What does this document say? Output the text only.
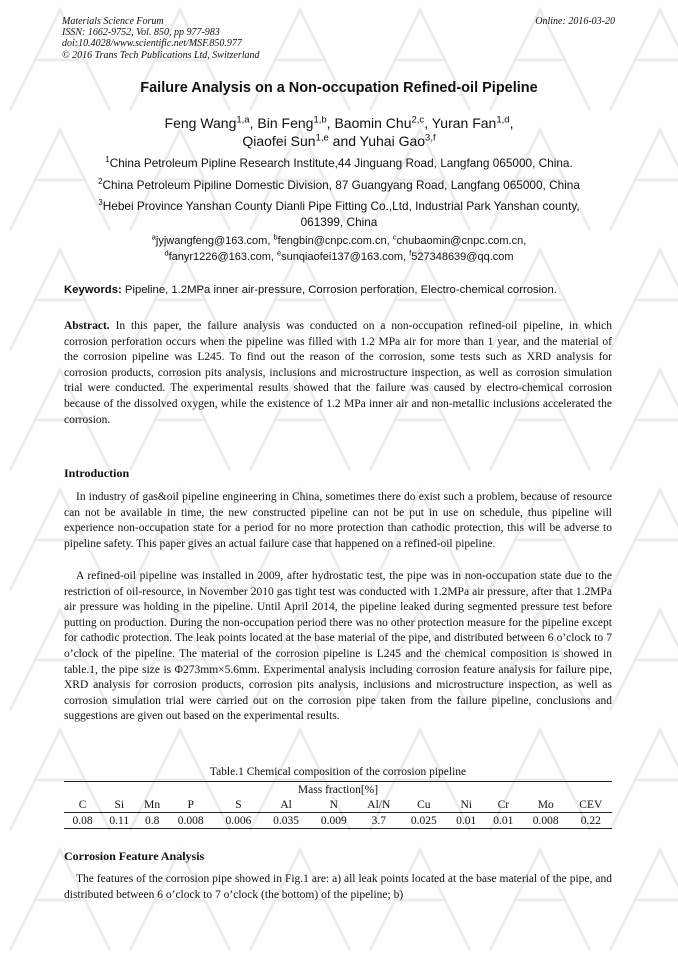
Materials Science Forum
ISSN: 1662-9752, Vol. 850, pp 977-983
doi:10.4028/www.scientific.net/MSF.850.977
© 2016 Trans Tech Publications Ltd, Switzerland
Online: 2016-03-20
Failure Analysis on a Non-occupation Refined-oil Pipeline
Feng Wang$^{1,a}$, Bin Feng$^{1,b}$, Baomin Chu$^{2,c}$, Yuran Fan$^{1,d}$,
Qiaofei Sun$^{1,e}$ and Yuhai Gao$^{3,f}$
$^1$China Petroleum Pipline Research Institute,44 Jinguang Road, Langfang 065000, China.
$^2$China Petroleum Pipiline Domestic Division, 87 Guangyang Road, Langfang 065000, China
$^3$Hebei Province Yanshan County Dianli Pipe Fitting Co.,Ltd, Industrial Park Yanshan county, 061399, China
$^a$jyjwangfeng@163.com, $^b$fengbin@cnpc.com.cn, $^c$chubaomin@cnpc.com.cn,
$^d$fanyr1226@163.com, $^e$sunqiaofei137@163.com, $^f$527348639@qq.com
Keywords: Pipeline, 1.2MPa inner air-pressure, Corrosion perforation, Electro-chemical corrosion.

Abstract. In this paper, the failure analysis was conducted on a non-occupation refined-oil pipeline, in which corrosion perforation occurs when the pipeline was filled with 1.2 MPa air for more than 1 year, and the material of the corrosion pipeline was L245. To find out the reason of the corrosion, some tests such as XRD analysis for corrosion products, corrosion pits analysis, inclusions and microstructure inspection, as well as corrosion simulation trial were conducted. The experimental results showed that the failure was caused by electro-chemical corrosion because of the dissolved oxygen, while the existence of 1.2 MPa inner air and non-metallic inclusions accelerated the corrosion.

Introduction

In industry of gas&oil pipeline engineering in China, sometimes there do exist such a problem, because of resource can not be available in time, the new constructed pipeline can not be put in use on schedule, thus pipeline will experience non-occupation state for a period for no more protection than cathodic protection, this will be adverse to pipeline safety. This paper gives an actual failure case that happened on a refined-oil pipeline.

A refined-oil pipeline was installed in 2009, after hydrostatic test, the pipe was in non-occupation state due to the restriction of oil-resource, in November 2010 gas tight test was conducted with 1.2MPa air pressure, after that 1.2MPa air pressure was holding in the pipeline. Until April 2014, the pipeline leaked during segmented pressure test before putting on production. During the non-occupation period there was no other protection measure for the pipeline except for cathodic protection. The leak points located at the base material of the pipe, and distributed between 6 o’clock to 7 o’clock of the pipeline. The material of the corrosion pipeline is L245 and the chemical composition is showed in table.1, the pipe size is Φ273mm×5.6mm. Experimental analysis including corrosion feature analysis for failure pipe, XRD analysis for corrosion products, corrosion pits analysis, inclusions and microstructure inspection, as well as corrosion simulation trial were carried out on the corrosion pipe taken from the failure pipeline, conclusions and suggestions are given out based on the experimental results.

Table.1 Chemical composition of the corrosion pipeline
Mass fraction[%]												
C	Si	Mn	P	S	Al	N	Al/N	Cu	Ni	Cr	Mo	CEV
0.08	0.11	0.8	0.008	0.006	0.035	0.009	3.7	0.025	0.01	0.01	0.008	0.22
Corrosion Feature Analysis

The features of the corrosion pipe showed in Fig.1 are: a) all leak points located at the base material of the pipe, and distributed between 6 o’clock to 7 o’clock (the bottom) of the pipeline; b)
